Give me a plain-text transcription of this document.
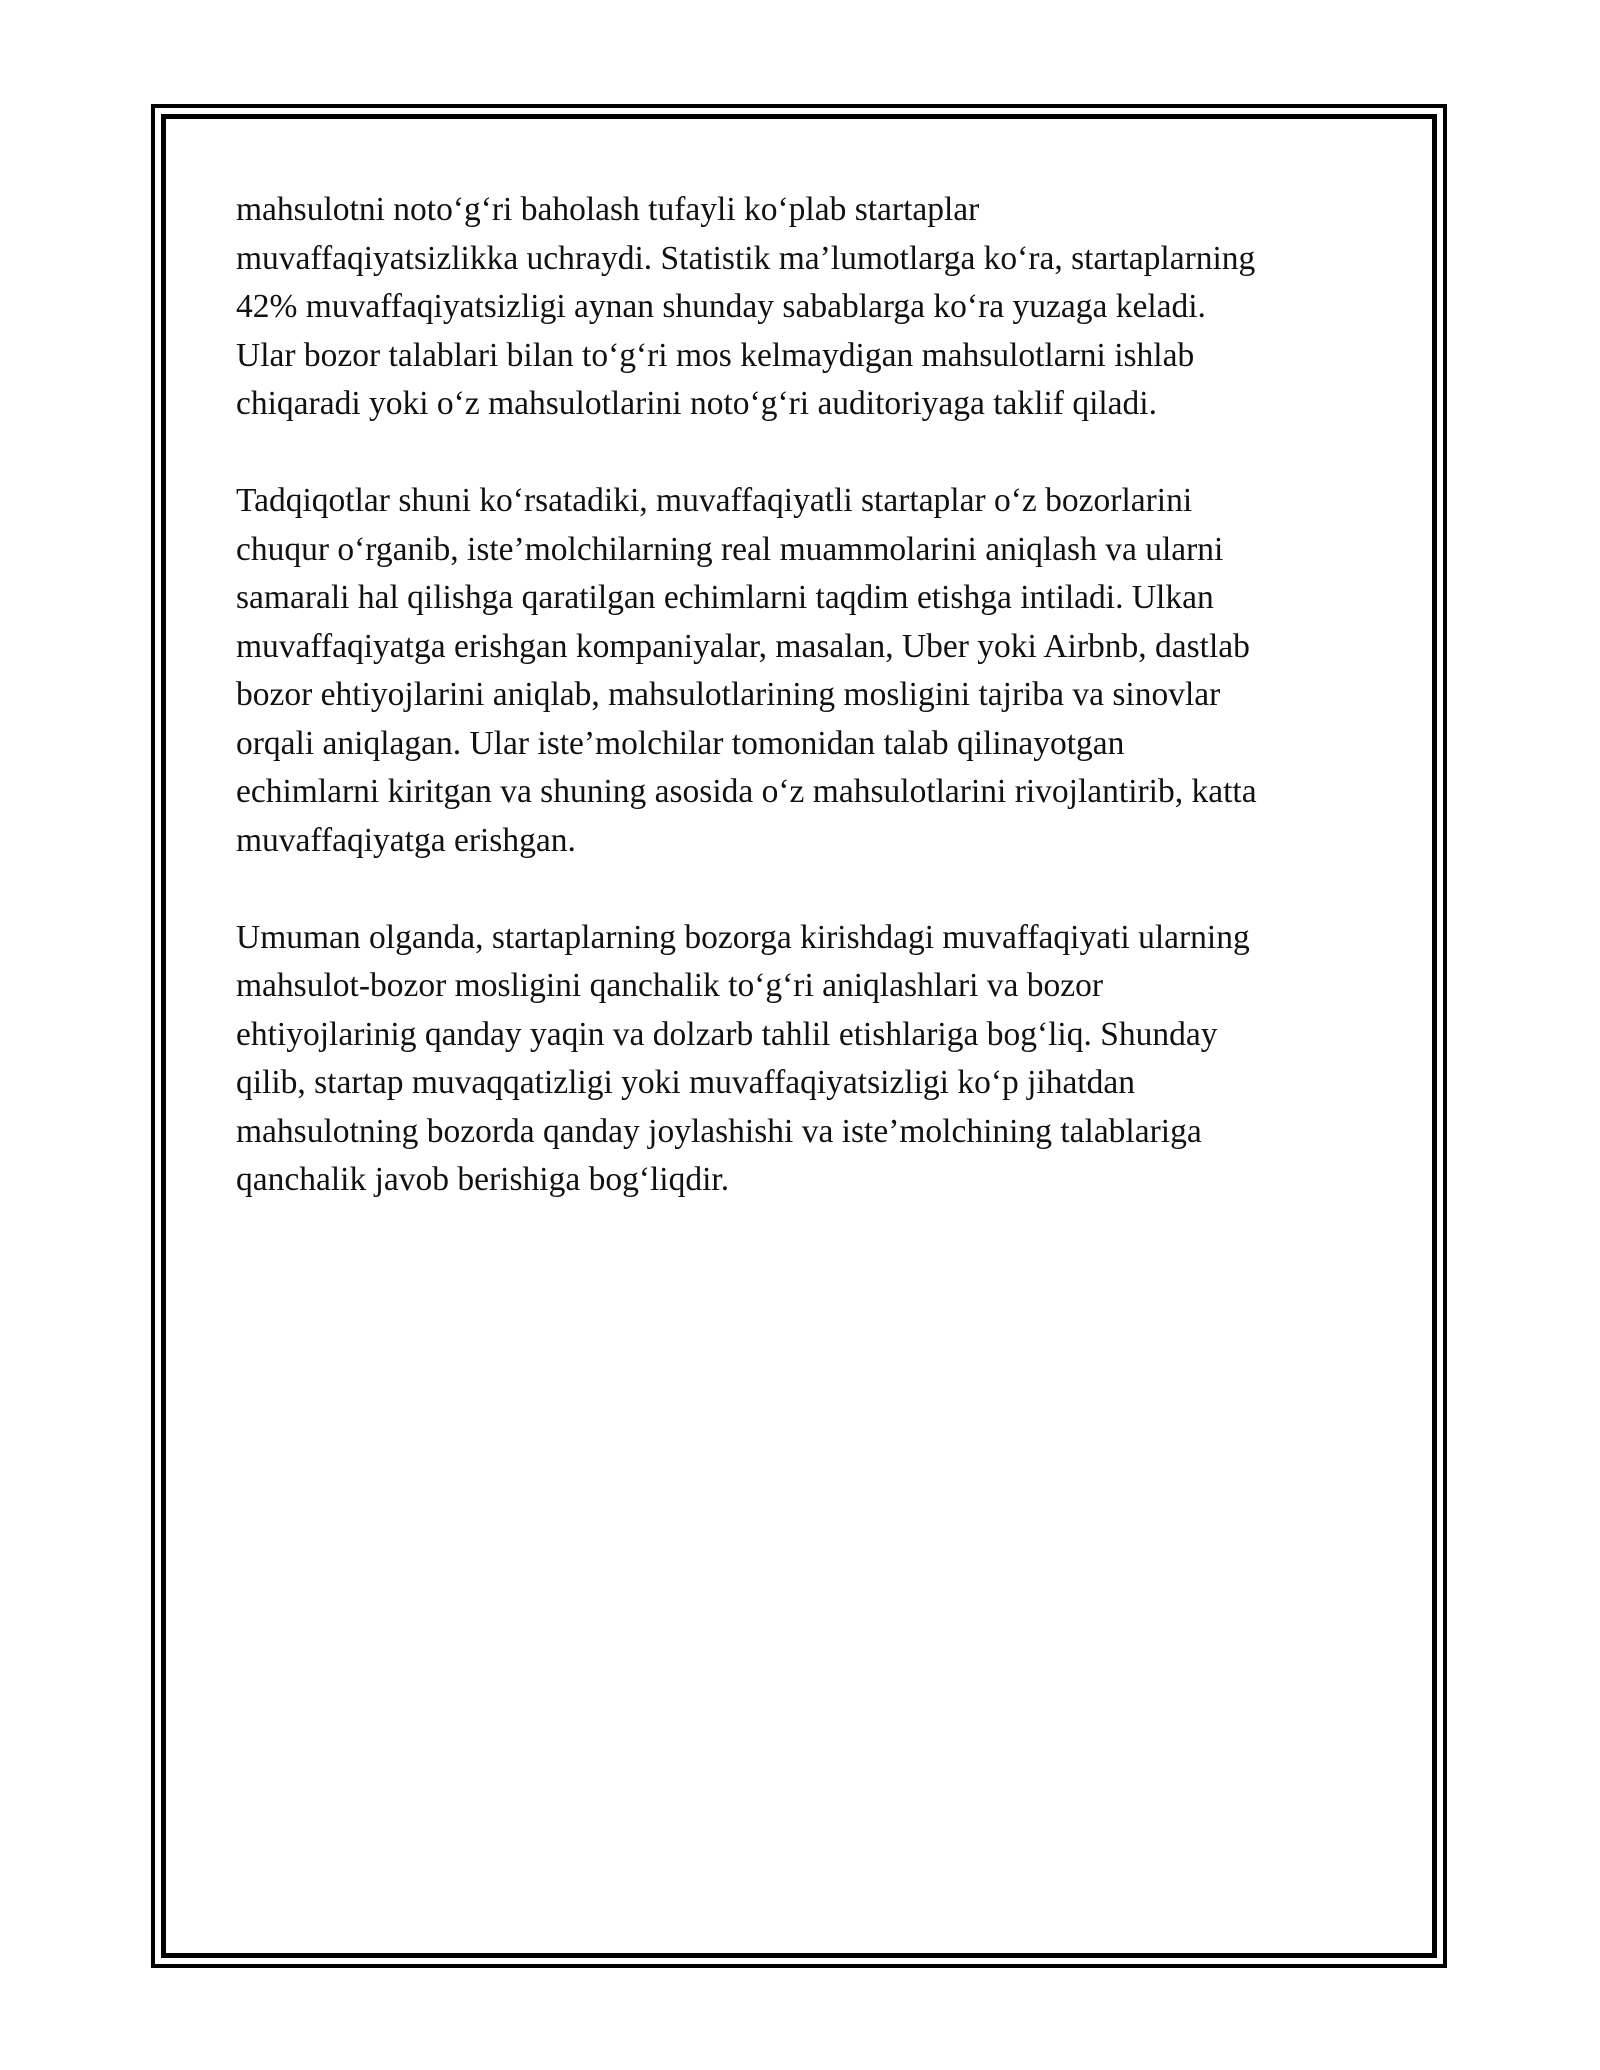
mahsulotni noto‘g‘ri baholash tufayli ko‘plab startaplar
muvaffaqiyatsizlikka uchraydi. Statistik ma’lumotlarga ko‘ra, startaplarning
42% muvaffaqiyatsizligi aynan shunday sabablarga ko‘ra yuzaga keladi.
Ular bozor talablari bilan to‘g‘ri mos kelmaydigan mahsulotlarni ishlab
chiqaradi yoki o‘z mahsulotlarini noto‘g‘ri auditoriyaga taklif qiladi.

Tadqiqotlar shuni ko‘rsatadiki, muvaffaqiyatli startaplar o‘z bozorlarini
chuqur o‘rganib, iste’molchilarning real muammolarini aniqlash va ularni
samarali hal qilishga qaratilgan echimlarni taqdim etishga intiladi. Ulkan
muvaffaqiyatga erishgan kompaniyalar, masalan, Uber yoki Airbnb, dastlab
bozor ehtiyojlarini aniqlab, mahsulotlarining mosligini tajriba va sinovlar
orqali aniqlagan. Ular iste’molchilar tomonidan talab qilinayotgan
echimlarni kiritgan va shuning asosida o‘z mahsulotlarini rivojlantirib, katta
muvaffaqiyatga erishgan.

Umuman olganda, startaplarning bozorga kirishdagi muvaffaqiyati ularning
mahsulot-bozor mosligini qanchalik to‘g‘ri aniqlashlari va bozor
ehtiyojlarinig qanday yaqin va dolzarb tahlil etishlariga bog‘liq. Shunday
qilib, startap muvaqqatizligi yoki muvaffaqiyatsizligi ko‘p jihatdan
mahsulotning bozorda qanday joylashishi va iste’molchining talablariga
qanchalik javob berishiga bog‘liqdir.
